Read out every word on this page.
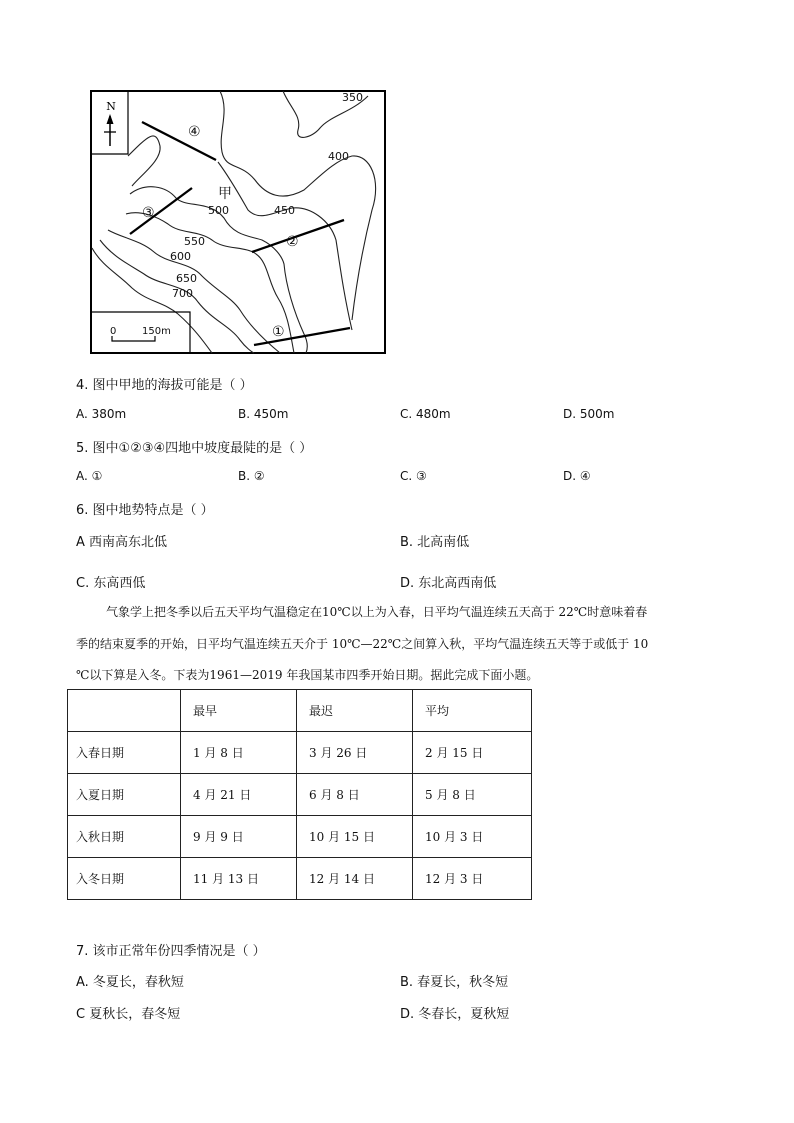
N
350
400
450
500
550
600
650
700
0	150m
甲
④
③
②
①
4. 图中甲地的海拔可能是（ ）
A. 380m	B. 450m	C. 480m	D. 500m
5. 图中①②③④四地中坡度最陡的是（ ）
A. ①	B. ②	C. ③	D. ④
6. 图中地势特点是（ ）
A 西南高东北低	B. 北高南低
C. 东高西低	D. 东北高西南低
气象学上把冬季以后五天平均气温稳定在10℃以上为入春，日平均气温连续五天高于 22℃时意味着春
季的结束夏季的开始，日平均气温连续五天介于 10℃—22℃之间算入秋，平均气温连续五天等于或低于 10
℃以下算是入冬。下表为1961—2019 年我国某市四季开始日期。据此完成下面小题。
	最早	最迟	平均
入春日期	1 月 8 日	3 月 26 日	2 月 15 日
入夏日期	4 月 21 日	6 月 8 日	5 月 8 日
入秋日期	9 月 9 日	10 月 15 日	10 月 3 日
入冬日期	11 月 13 日	12 月 14 日	12 月 3 日
7. 该市正常年份四季情况是（ ）
A. 冬夏长，春秋短	B. 春夏长，秋冬短
C 夏秋长，春冬短	D. 冬春长，夏秋短
